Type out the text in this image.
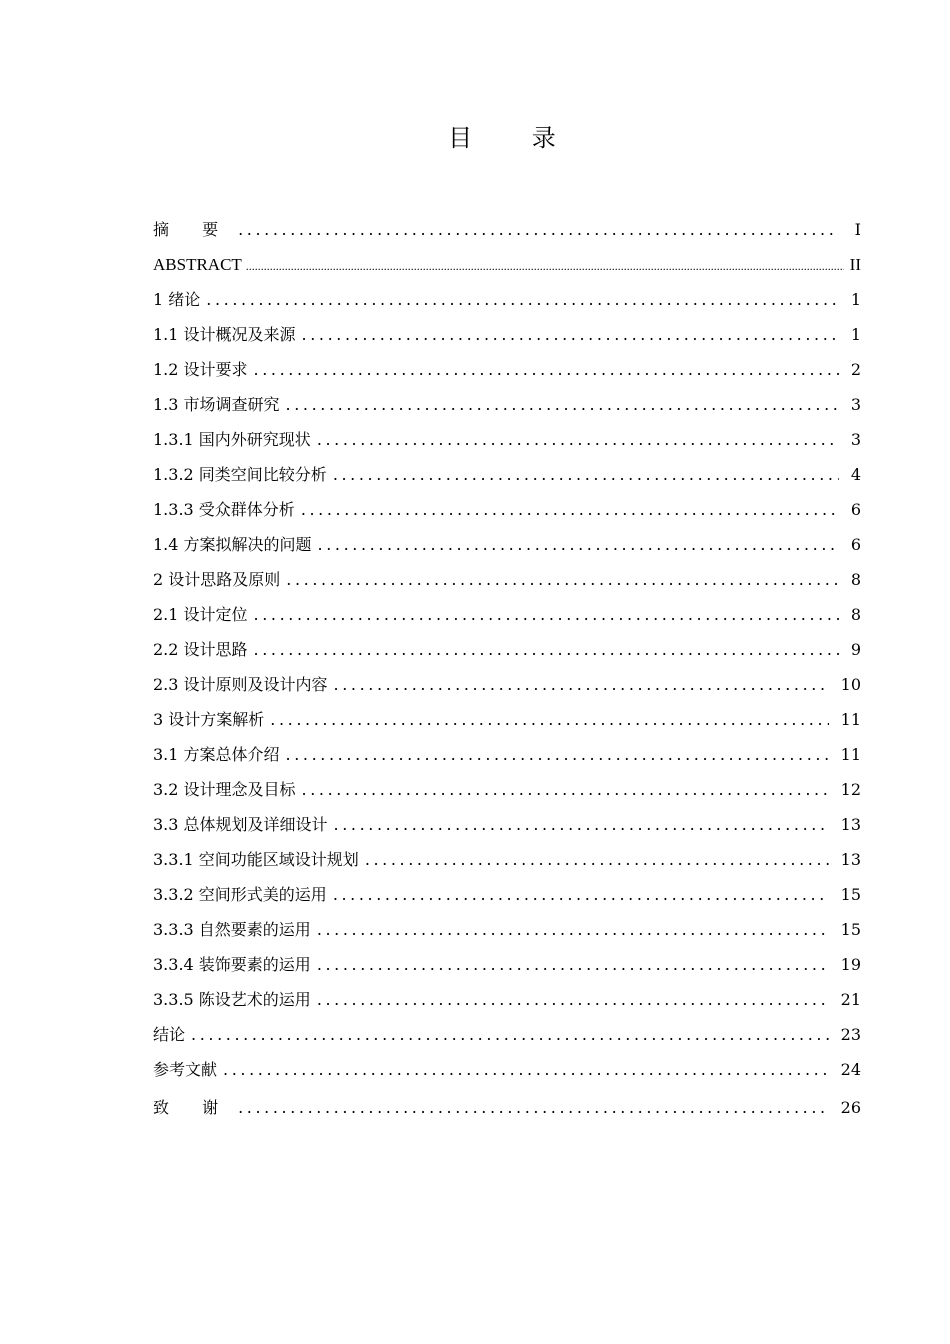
目 录
摘 要 .....	I
ABSTRACT .....	II
1 绪论 .....	1
1.1 设计概况及来源 .....	1
1.2 设计要求 .....	2
1.3 市场调查研究 .....	3
1.3.1 国内外研究现状 .....	3
1.3.2 同类空间比较分析 .....	4
1.3.3 受众群体分析 .....	6
1.4 方案拟解决的问题 .....	6
2 设计思路及原则 .....	8
2.1 设计定位 .....	8
2.2 设计思路 .....	9
2.3 设计原则及设计内容 .....	10
3 设计方案解析 .....	11
3.1 方案总体介绍 .....	11
3.2 设计理念及目标 .....	12
3.3 总体规划及详细设计 .....	13
3.3.1 空间功能区域设计规划 .....	13
3.3.2 空间形式美的运用 .....	15
3.3.3 自然要素的运用 .....	15
3.3.4 装饰要素的运用 .....	19
3.3.5 陈设艺术的运用 .....	21
结论 .....	23
参考文献 .....	24
致 谢 .....	26
